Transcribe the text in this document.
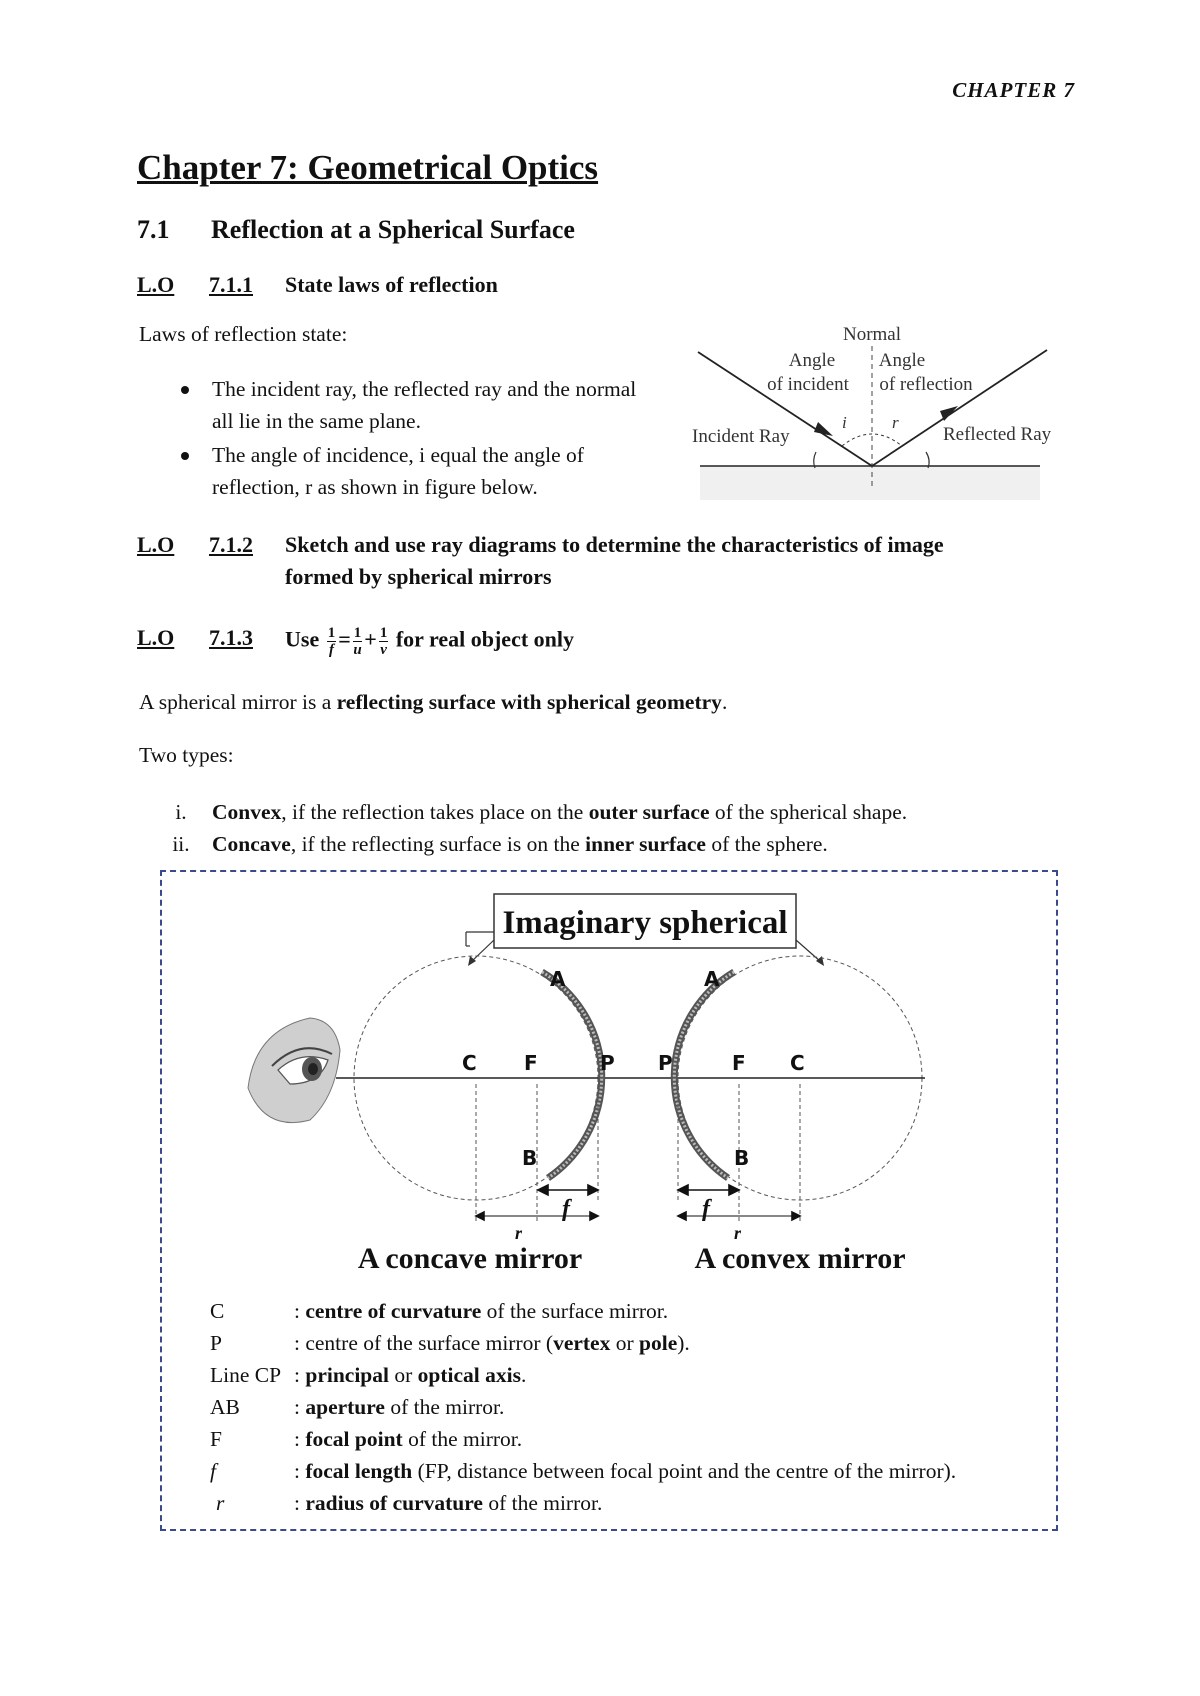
CHAPTER 7
Chapter 7: Geometrical Optics
7.1 Reflection at a Spherical Surface
L.O 7.1.1 State laws of reflection
Laws of reflection state:
The incident ray, the reflected ray and the normal all lie in the same plane.
The angle of incidence, i equal the angle of reflection, r as shown in figure below.
Normal
Angle
of incident
Angle
of reflection
Incident Ray	Reflected Ray
i	r
L.O 7.1.2 Sketch and use ray diagrams to determine the characteristics of image
formed by spherical mirrors
L.O 7.1.3 Use $\frac{1}{f} = \frac{1}{u} + \frac{1}{v}$ for real object only
A spherical mirror is a reflecting surface with spherical geometry.
Two types:
i. Convex, if the reflection takes place on the outer surface of the spherical shape.
ii. Concave, if the reflecting surface is on the inner surface of the sphere.
Imaginary spherical
C F	P
A
B
P	F C
A
B
f	f
r	r
A concave mirror	A convex mirror
C	: centre of curvature of the surface mirror.
P	: centre of the surface mirror (vertex or pole).
Line CP : principal or optical axis.
AB	: aperture of the mirror.
F	: focal point of the mirror.
f	: focal length (FP, distance between focal point and the centre of the mirror).
r	: radius of curvature of the mirror.
